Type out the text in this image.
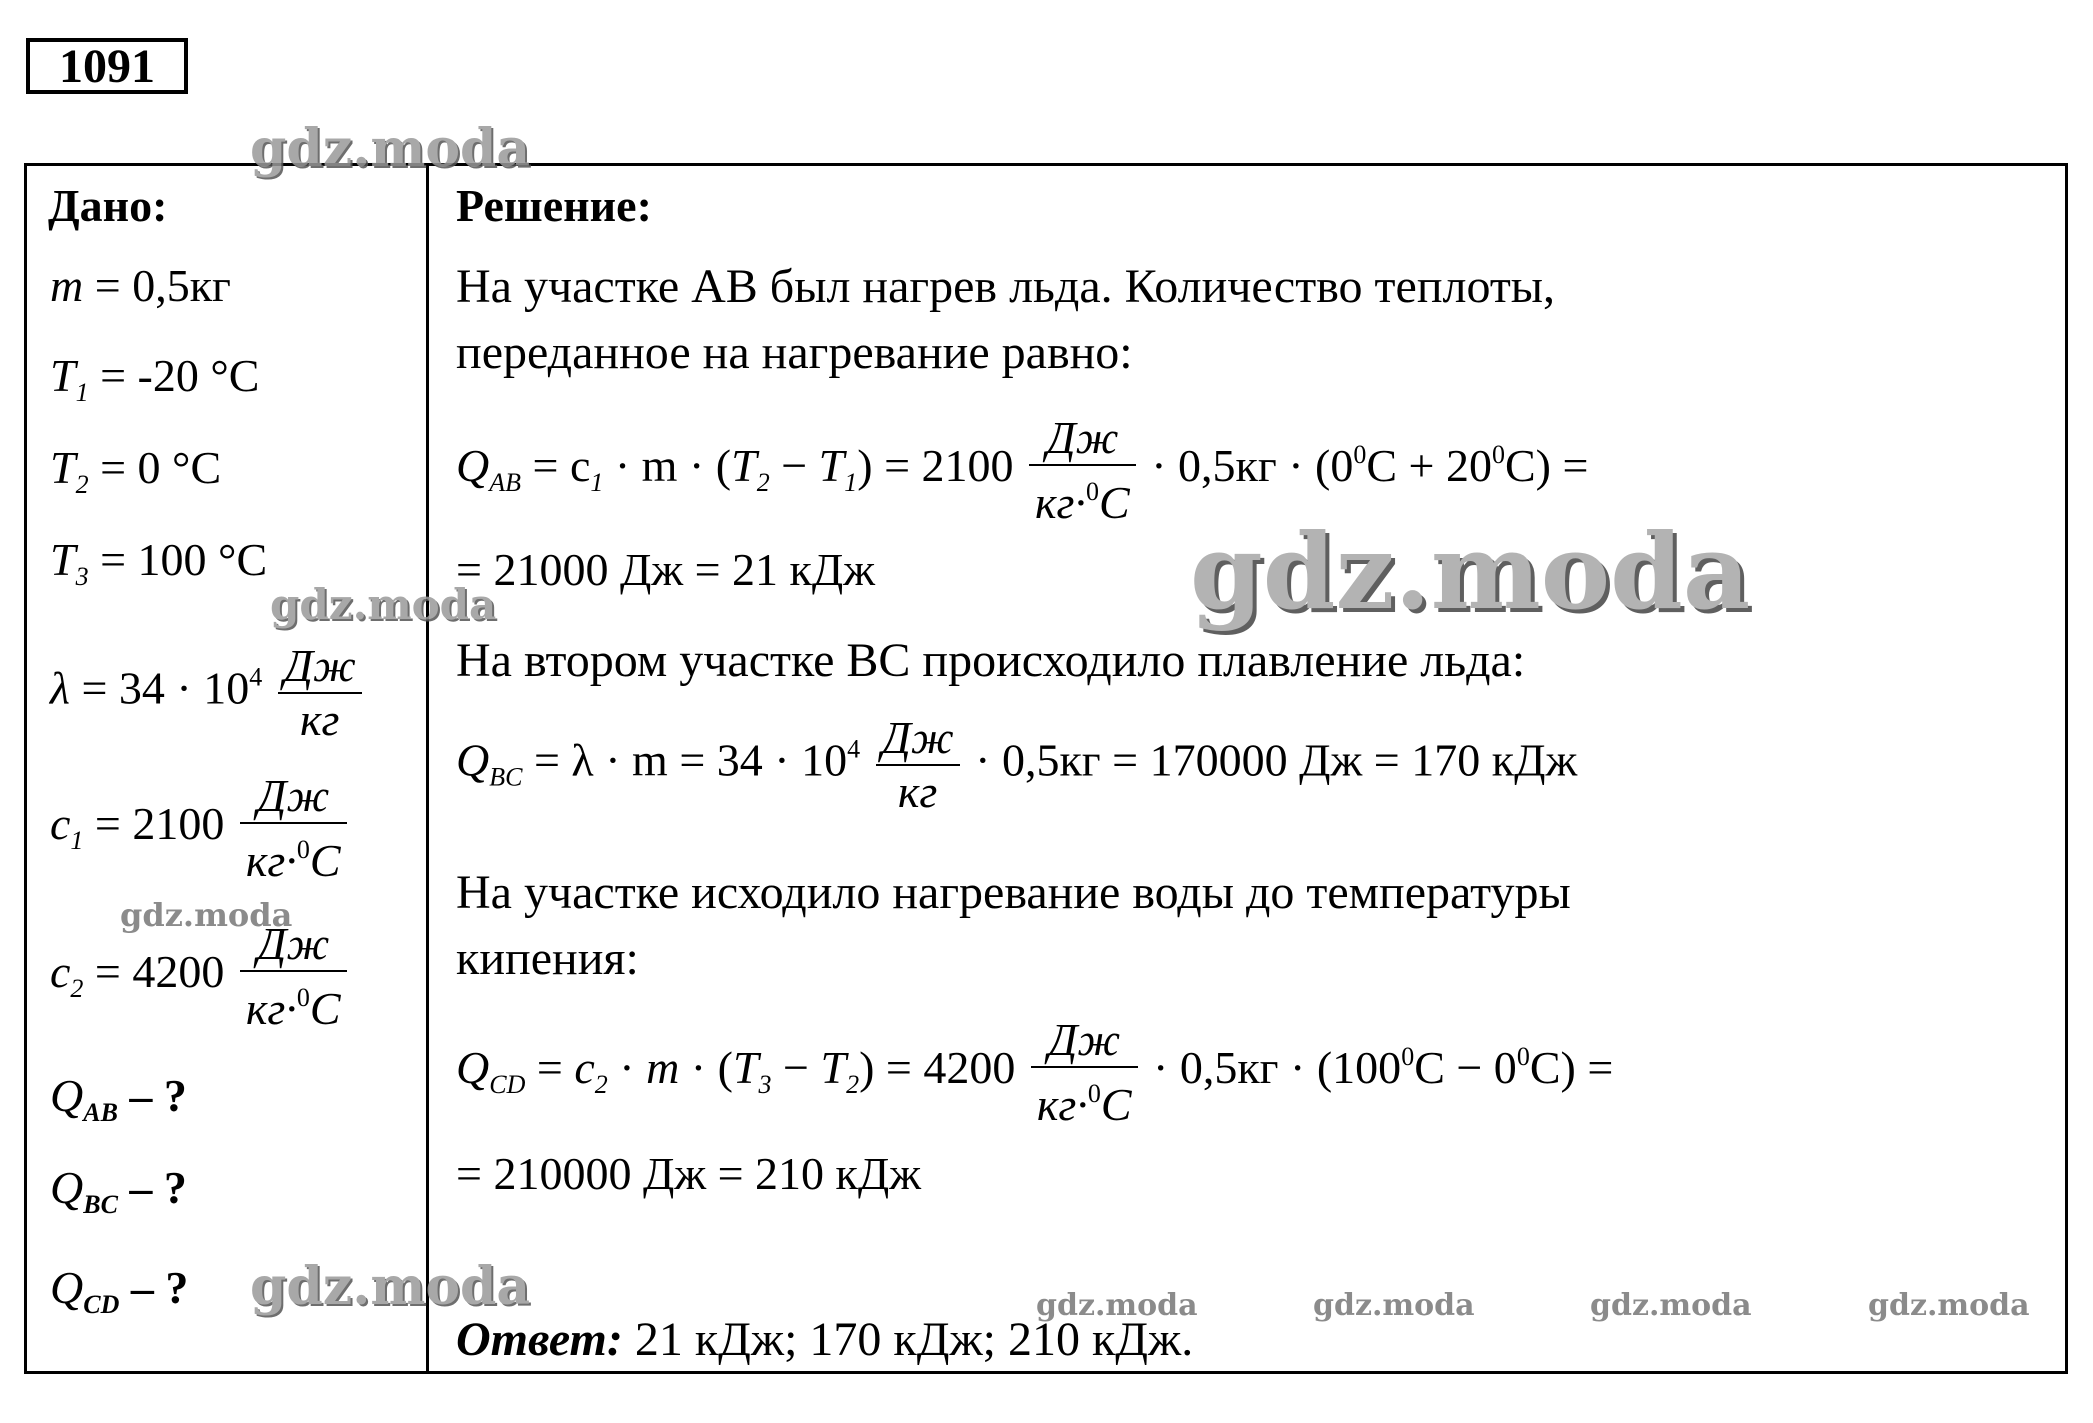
1091
Дано:
m = 0,5кг
$T_1 = -20$ °C
$T_2 = 0$ °C
$T_3 = 100$ °C
$\lambda = 34 \cdot 10^4 \frac{Дж}{кг}$
$c_1 = 2100 \frac{Дж}{кг\cdot^0C}$
$c_2 = 4200 \frac{Дж}{кг\cdot^0C}$
$Q_{AB}$ – ?
$Q_{BC}$ – ?
$Q_{CD}$ – ?
Решение:
На участке АВ был нагрев льда. Количество теплоты,
переданное на нагревание равно:
$Q_{AB} = c_1 \cdot m \cdot (T_2 - T_1) = 2100 \frac{Дж}{кг\cdot^0C} \cdot 0,5кг \cdot (0^0C + 20^0C)$ =
= 21000 Дж = 21 кДж
На втором участке ВС происходило плавление льда:
$Q_{BC} = \lambda \cdot m = 34 \cdot 10^4 \frac{Дж}{кг} \cdot 0,5кг = 170000$ Дж = 170 кДж
На участке исходило нагревание воды до температуры
кипения:
$Q_{CD} = c_2 \cdot m \cdot (T_3 - T_2) = 4200 \frac{Дж}{кг\cdot^0C} \cdot 0,5кг \cdot (100^0C - 0^0C)$ =
= 210000 Дж = 210 кДж
Ответ: 21 кДж; 170 кДж; 210 кДж.
gdz.moda
gdz.moda	gdz.moda
gdz.moda
gdz.moda	gdz.moda	gdz.moda	gdz.moda	gdz.moda
